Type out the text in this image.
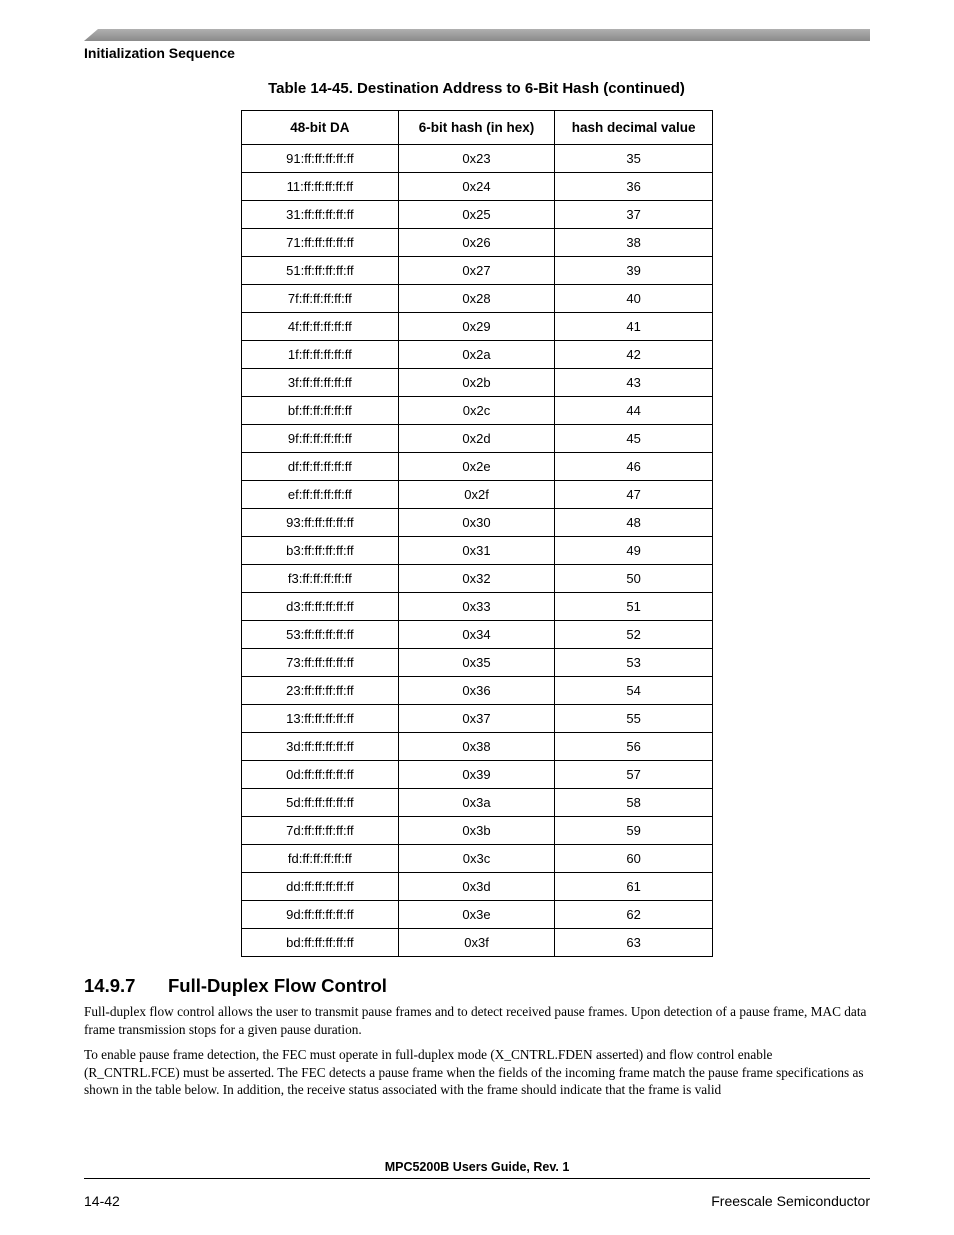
Initialization Sequence
Table 14-45. Destination Address to 6-Bit Hash (continued)
48-bit DA	6-bit hash (in hex)	hash decimal value
91:ff:ff:ff:ff:ff	0x23	35
11:ff:ff:ff:ff:ff	0x24	36
31:ff:ff:ff:ff:ff	0x25	37
71:ff:ff:ff:ff:ff	0x26	38
51:ff:ff:ff:ff:ff	0x27	39
7f:ff:ff:ff:ff:ff	0x28	40
4f:ff:ff:ff:ff:ff	0x29	41
1f:ff:ff:ff:ff:ff	0x2a	42
3f:ff:ff:ff:ff:ff	0x2b	43
bf:ff:ff:ff:ff:ff	0x2c	44
9f:ff:ff:ff:ff:ff	0x2d	45
df:ff:ff:ff:ff:ff	0x2e	46
ef:ff:ff:ff:ff:ff	0x2f	47
93:ff:ff:ff:ff:ff	0x30	48
b3:ff:ff:ff:ff:ff	0x31	49
f3:ff:ff:ff:ff:ff	0x32	50
d3:ff:ff:ff:ff:ff	0x33	51
53:ff:ff:ff:ff:ff	0x34	52
73:ff:ff:ff:ff:ff	0x35	53
23:ff:ff:ff:ff:ff	0x36	54
13:ff:ff:ff:ff:ff	0x37	55
3d:ff:ff:ff:ff:ff	0x38	56
0d:ff:ff:ff:ff:ff	0x39	57
5d:ff:ff:ff:ff:ff	0x3a	58
7d:ff:ff:ff:ff:ff	0x3b	59
fd:ff:ff:ff:ff:ff	0x3c	60
dd:ff:ff:ff:ff:ff	0x3d	61
9d:ff:ff:ff:ff:ff	0x3e	62
bd:ff:ff:ff:ff:ff	0x3f	63
14.9.7 Full-Duplex Flow Control
Full-duplex flow control allows the user to transmit pause frames and to detect received pause frames. Upon detection of a pause frame, MAC data frame transmission stops for a given pause duration.
To enable pause frame detection, the FEC must operate in full-duplex mode (X_CNTRL.FDEN asserted) and flow control enable (R_CNTRL.FCE) must be asserted. The FEC detects a pause frame when the fields of the incoming frame match the pause frame specifications as shown in the table below. In addition, the receive status associated with the frame should indicate that the frame is valid
MPC5200B Users Guide, Rev. 1
14-42	Freescale Semiconductor
